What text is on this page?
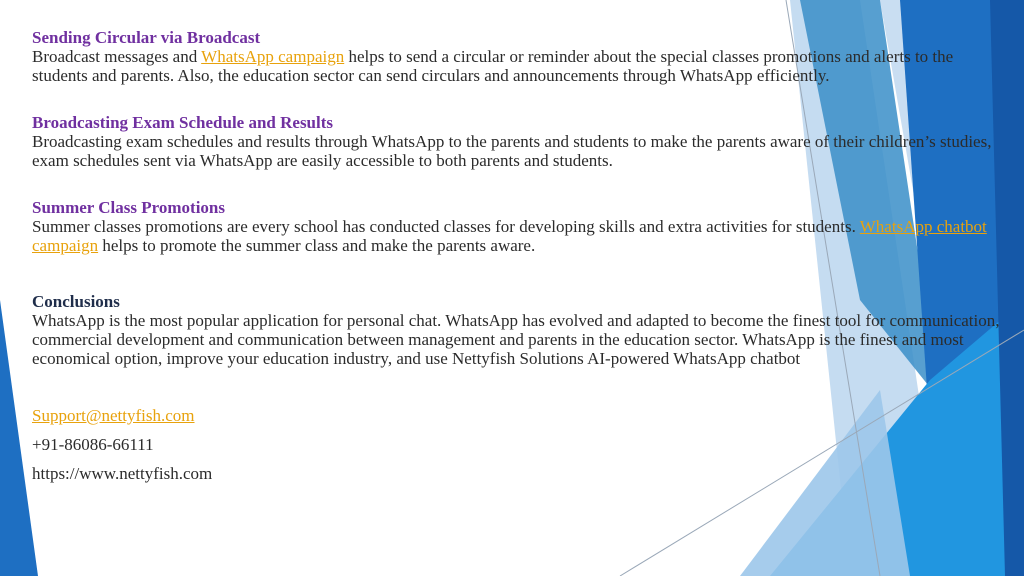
Sending Circular via Broadcast
Broadcast messages and WhatsApp campaign helps to send a circular or reminder about the special classes promotions and alerts to the students and parents. Also, the education sector can send circulars and announcements through WhatsApp efficiently.
Broadcasting Exam Schedule and Results
Broadcasting exam schedules and results through WhatsApp to the parents and students to make the parents aware of their children’s studies, exam schedules sent via WhatsApp are easily accessible to both parents and students.
Summer Class Promotions
Summer classes promotions are every school has conducted classes for developing skills and extra activities for students. WhatsApp chatbot campaign helps to promote the summer class and make the parents aware.
Conclusions
WhatsApp is the most popular application for personal chat. WhatsApp has evolved and adapted to become the finest tool for communication, commercial development and communication between management and parents in the education sector. WhatsApp is the finest and most economical option, improve your education industry, and use Nettyfish Solutions AI-powered WhatsApp chatbot
Support@nettyfish.com
+91-86086-66111
https://www.nettyfish.com
